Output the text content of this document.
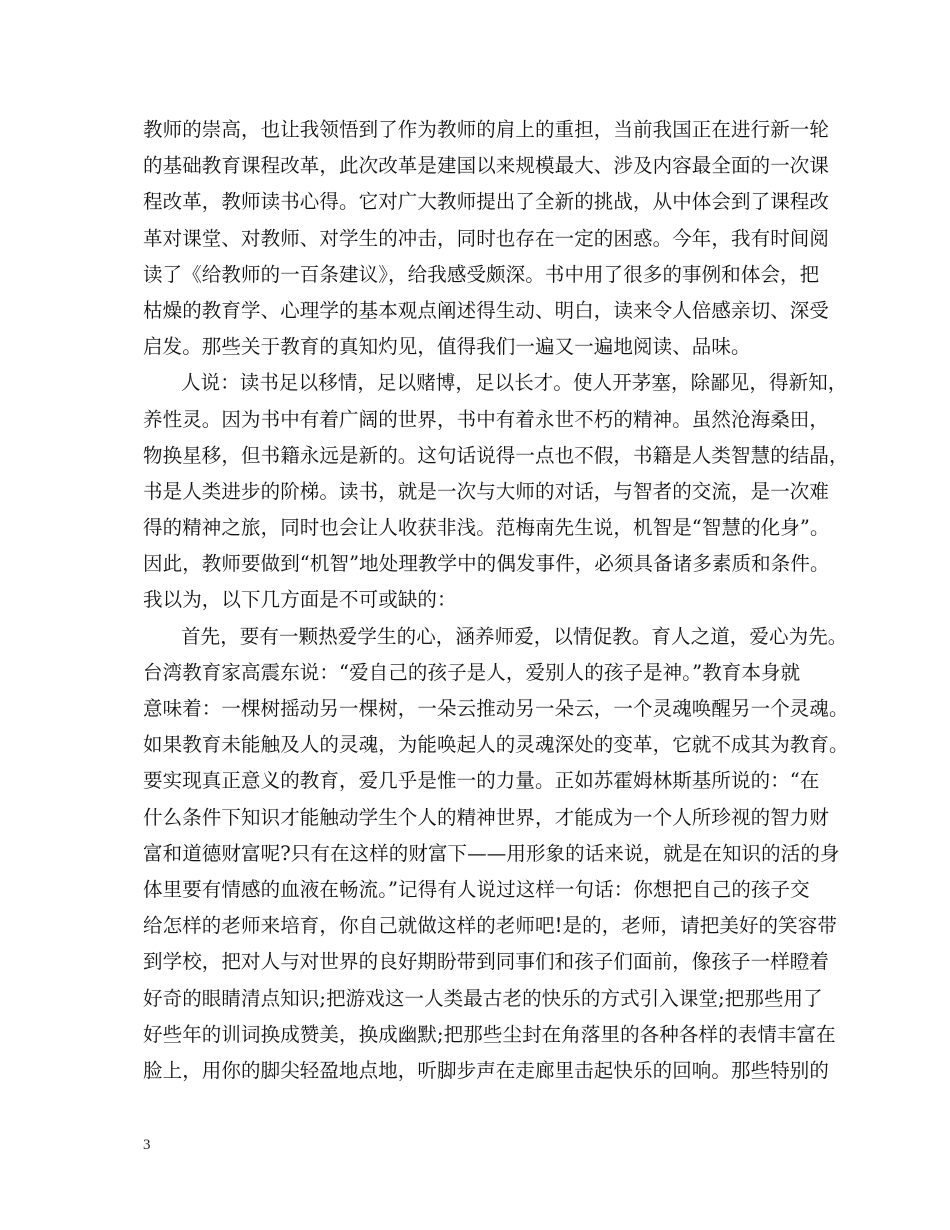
教师的崇高，也让我领悟到了作为教师的肩上的重担，当前我国正在进行新一轮
的基础教育课程改革，此次改革是建国以来规模最大、涉及内容最全面的一次课
程改革，教师读书心得。它对广大教师提出了全新的挑战，从中体会到了课程改
革对课堂、对教师、对学生的冲击，同时也存在一定的困惑。今年，我有时间阅
读了《给教师的一百条建议》，给我感受颇深。书中用了很多的事例和体会，把
枯燥的教育学、心理学的基本观点阐述得生动、明白，读来令人倍感亲切、深受
启发。那些关于教育的真知灼见，值得我们一遍又一遍地阅读、品味。
人说：读书足以移情，足以赌博，足以长才。使人开茅塞，除鄙见，得新知，
养性灵。因为书中有着广阔的世界，书中有着永世不朽的精神。虽然沧海桑田，
物换星移，但书籍永远是新的。这句话说得一点也不假，书籍是人类智慧的结晶，
书是人类进步的阶梯。读书，就是一次与大师的对话，与智者的交流，是一次难
得的精神之旅，同时也会让人收获非浅。范梅南先生说，机智是“智慧的化身”。
因此，教师要做到“机智”地处理教学中的偶发事件，必须具备诸多素质和条件。
我以为，以下几方面是不可或缺的：
首先，要有一颗热爱学生的心，涵养师爱，以情促教。育人之道，爱心为先。
台湾教育家高震东说：“爱自己的孩子是人，爱别人的孩子是神。”教育本身就
意味着：一棵树摇动另一棵树，一朵云推动另一朵云，一个灵魂唤醒另一个灵魂。
如果教育未能触及人的灵魂，为能唤起人的灵魂深处的变革，它就不成其为教育。
要实现真正意义的教育，爱几乎是惟一的力量。正如苏霍姆林斯基所说的：“在
什么条件下知识才能触动学生个人的精神世界，才能成为一个人所珍视的智力财
富和道德财富呢?只有在这样的财富下——用形象的话来说，就是在知识的活的身
体里要有情感的血液在畅流。”记得有人说过这样一句话：你想把自己的孩子交
给怎样的老师来培育，你自己就做这样的老师吧!是的，老师，请把美好的笑容带
到学校，把对人与对世界的良好期盼带到同事们和孩子们面前，像孩子一样瞪着
好奇的眼睛清点知识;把游戏这一人类最古老的快乐的方式引入课堂;把那些用了
好些年的训词换成赞美，换成幽默;把那些尘封在角落里的各种各样的表情丰富在
脸上，用你的脚尖轻盈地点地，听脚步声在走廊里击起快乐的回响。那些特别的
3
